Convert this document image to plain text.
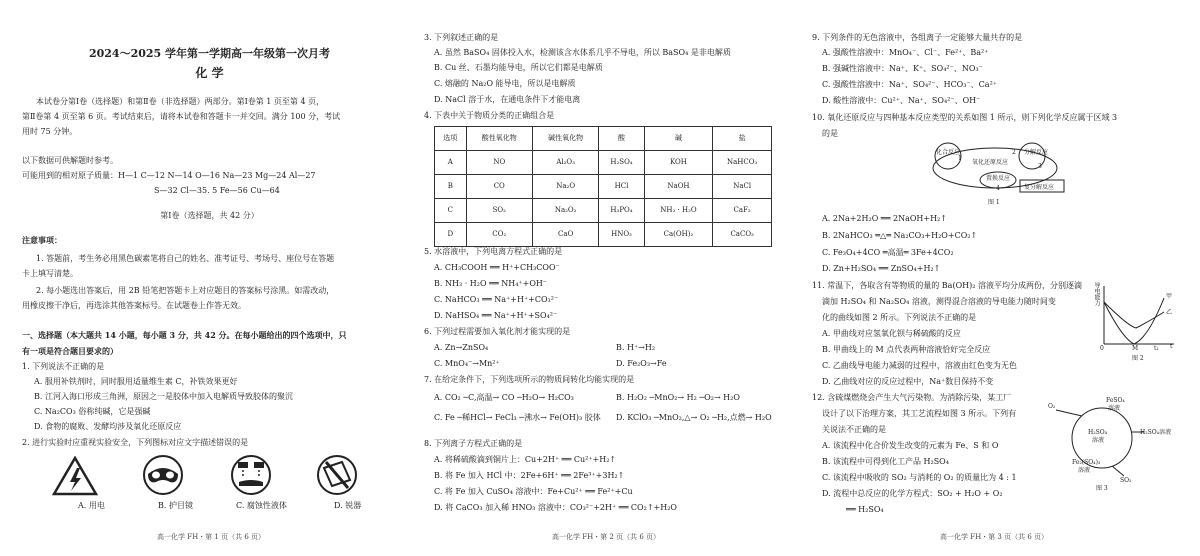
2024～2025 学年第一学期高一年级第一次月考
化 学
本试卷分第Ⅰ卷（选择题）和第Ⅱ卷（非选择题）两部分。第Ⅰ卷第 1 页至第 4 页，
第Ⅱ卷第 4 页至第 6 页。考试结束后，请将本试卷和答题卡一并交回。满分 100 分，考试
用时 75 分钟。
以下数据可供解题时参考。
可能用到的相对原子质量：H—1 C—12 N—14 O—16 Na—23 Mg—24 Al—27
S—32 Cl—35. 5 Fe—56 Cu—64
第Ⅰ卷（选择题，共 42 分）
注意事项：
1. 答题前，考生务必用黑色碳素笔将自己的姓名、准考证号、考场号、座位号在答题
卡上填写清楚。
2. 每小题选出答案后，用 2B 铅笔把答题卡上对应题目的答案标号涂黑。如需改动，
用橡皮擦干净后，再选涂其他答案标号。在试题卷上作答无效。
一、选择题（本大题共 14 小题，每小题 3 分，共 42 分。在每小题给出的四个选项中，只
有一项是符合题目要求的）
1. 下列说法不正确的是
A. 服用补铁剂时，同时服用适量维生素 C，补铁效果更好
B. 江河入海口形成三角洲，原因之一是胶体中加入电解质导致胶体的聚沉
C. Na₂CO₃ 俗称纯碱，它是强碱
D. 食物的腐败、发酵均涉及氧化还原反应
2. 进行实验时应重视实验安全，下列图标对应文字描述错误的是
A. 用电	B. 护目镜	C. 腐蚀性液体	D. 锐器
高一化学 FH・第 1 页（共 6 页）
3. 下列叙述正确的是
A. 虽然 BaSO₄ 固体投入水，检测该含水体系几乎不导电，所以 BaSO₄ 是非电解质
B. Cu 丝、石墨均能导电，所以它们都是电解质
C. 熔融的 Na₂O 能导电，所以是电解质
D. NaCl 溶于水，在通电条件下才能电离
4. 下表中关于物质分类的正确组合是
选项	酸性氧化物	碱性氧化物	酸	碱	盐
A	NO	Al₂O₃	H₂SO₄	KOH	NaHCO₃
B	CO	Na₂O	HCl	NaOH	NaCl
C	SO₂	Na₂O₂	H₃PO₄	NH₃ · H₂O	CaF₂
D	CO₂	CaO	HNO₃	Ca(OH)₂	CaCO₃
5. 水溶液中，下列电离方程式正确的是
A. CH₃COOH ══ H⁺+CH₃COO⁻
B. NH₃ · H₂O ══ NH₄⁺+OH⁻
C. NaHCO₃ ══ Na⁺+H⁺+CO₃²⁻
D. NaHSO₄ ══ Na⁺+H⁺+SO₄²⁻
6. 下列过程需要加入氧化剂才能实现的是
A. Zn→ZnSO₄	B. H⁺→H₂
C. MnO₄⁻→Mn²⁺	D. Fe₂O₃→Fe
7. 在给定条件下，下列选项所示的物质间转化均能实现的是
A. CO₂ ─C,高温→ CO ─H₂O→ H₂CO₃	B. H₂O₂ ─MnO₂→ H₂ ─O₂→ H₂O
C. Fe ─稀HCl→ FeCl₃ ─沸水→ Fe(OH)₃ 胶体 D. KClO₃ ─MnO₂,△→ O₂ ─H₂,点燃→ H₂O
8. 下列离子方程式正确的是
A. 将稀硫酸滴到铜片上：Cu+2H⁺ ══ Cu²⁺+H₂↑
B. 将 Fe 加入 HCl 中：2Fe+6H⁺ ══ 2Fe³⁺+3H₂↑
C. 将 Fe 加入 CuSO₄ 溶液中：Fe+Cu²⁺ ══ Fe²⁺+Cu
D. 将 CaCO₃ 加入稀 HNO₃ 溶液中：CO₃²⁻+2H⁺ ══ CO₂↑+H₂O
高一化学 FH・第 2 页（共 6 页）
9. 下列条件的无色溶液中，各组离子一定能够大量共存的是
A. 强酸性溶液中：MnO₄⁻、Cl⁻、Fe²⁺、Ba²⁺
B. 强碱性溶液中：Na⁺、K⁺、SO₄²⁻、NO₃⁻
C. 强酸性溶液中：Na⁺、SO₄²⁻、HCO₃⁻、Ca²⁺
D. 酸性溶液中：Cu²⁺、Na⁺、SO₄²⁻、OH⁻
10. 氧化还原反应与四种基本反应类型的关系如图 1 所示，则下列化学反应属于区域 3
的是
化合反应	分解反应
氧化还原反应
置换反应
复分解反应
1
2
3
4
图 1
A. 2Na+2H₂O ══ 2NaOH+H₂↑
B. 2NaHCO₃ ═△═ Na₂CO₃+H₂O+CO₂↑
C. Fe₃O₄+4CO ═高温═ 3Fe+4CO₂
D. Zn+H₂SO₄ ══ ZnSO₄+H₂↑
11. 常温下，各取含有等物质的量的 Ba(OH)₂ 溶液平均分成两份，分别逐滴
滴加 H₂SO₄ 和 Na₂SO₄ 溶液，测得混合溶液的导电能力随时间变
化的曲线如图 2 所示。下列说法不正确的是
A. 甲曲线对应氢氧化钡与稀硫酸的反应
B. 甲曲线上的 M 点代表两种溶液恰好完全反应
C. 乙曲线导电能力减弱的过程中，溶液由红色变为无色
D. 乙曲线对应的反应过程中，Na⁺数目保持不变
导电能力	甲
乙
0	M	t₁ t
图 2
12. 含硫煤燃烧会产生大气污染物。为消除污染，某工厂
设计了以下治理方案，其工艺流程如图 3 所示。下列有
关说法不正确的是
A. 该流程中化合价发生改变的元素为 Fe、S 和 O
B. 该流程中可得到化工产品 H₂SO₄
C. 该流程中吸收的 SO₂ 与消耗的 O₂ 的质量比为 4 : 1
D. 流程中总反应的化学方程式：SO₂ + H₂O + O₂
══ H₂SO₄
FeSO₄
溶液
O₂
H₂SO₄
溶液
H₂SO₄溶液
Fe₂(SO₄)₃
溶液
SO₂
图 3
高一化学 FH・第 3 页（共 6 页）
